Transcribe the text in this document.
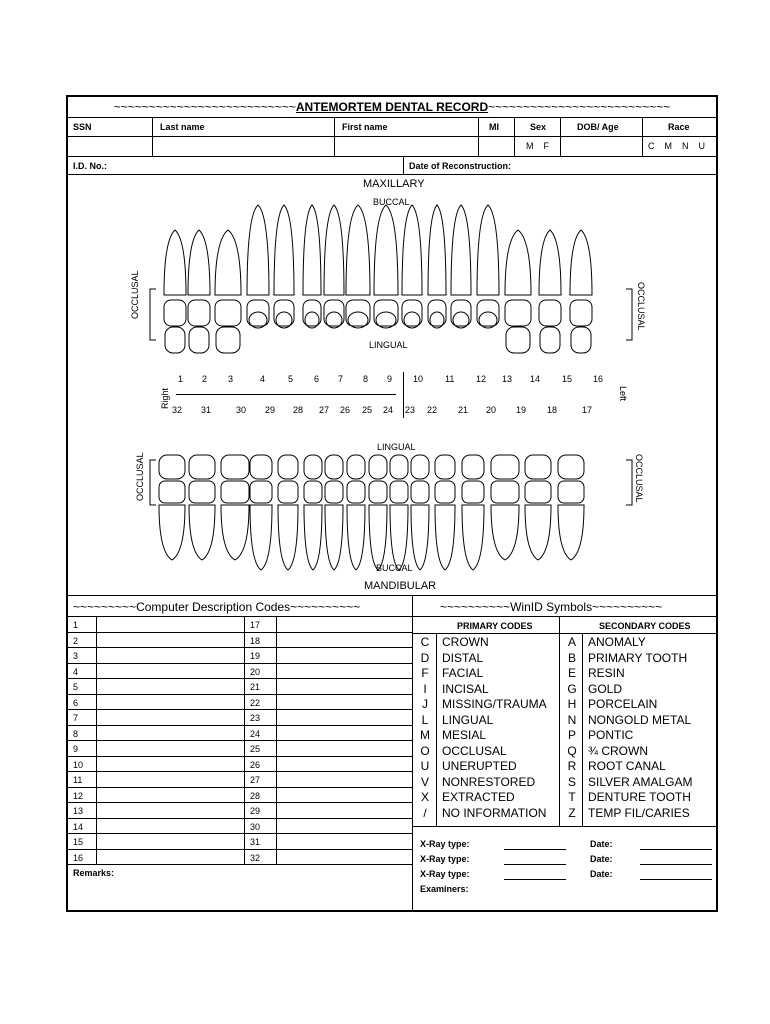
~~~~~~~~~~~~~~~~~~~~~~~~~~ANTEMORTEM DENTAL RECORD~~~~~~~~~~~~~~~~~~~~~~~~~~
SSN	Last name	First name	MI	Sex	DOB/ Age	Race
M    F	C    M    N    U
I.D. No.:	Date of Reconstruction:
MAXILLARY
BUCCAL
LINGUAL
LINGUAL
BUCCAL
MANDIBULAR
OCCLUSAL	OCCLUSAL
OCCLUSAL	OCCLUSAL
Right	Left
1 2 3	4	5 6 7 8 9 10 11 12 13 14 15 16
32 31	30 29 28 27 26 25 24 23 22 21 20 19 18	17
~~~~~~~~~Computer Description Codes~~~~~~~~~~	~~~~~~~~~~WinID Symbols~~~~~~~~~~
1	17
2	18
3	19
4	20
5	21
6	22
7	23
8	24
9	25
10	26
11	27
12	28
13	29
14	30
15	31
16	32
PRIMARY CODES	SECONDARY CODES
C	CROWN	A	ANOMALY
D	DISTAL	B	PRIMARY TOOTH
F	FACIAL	E	RESIN
I	INCISAL	G GOLD
J	MISSING/TRAUMA	H PORCELAIN
L	LINGUAL	N NONGOLD METAL
M	MESIAL	P	PONTIC
O	OCCLUSAL	Q ¾ CROWN
U	UNERUPTED	R ROOT CANAL
V	NONRESTORED	S	SILVER AMALGAM
X	EXTRACTED	T	DENTURE TOOTH
/	NO INFORMATION	Z	TEMP FIL/CARIES
X-Ray type:	Date:
X-Ray type:	Date:
X-Ray type:	Date:
Examiners:
Remarks:
